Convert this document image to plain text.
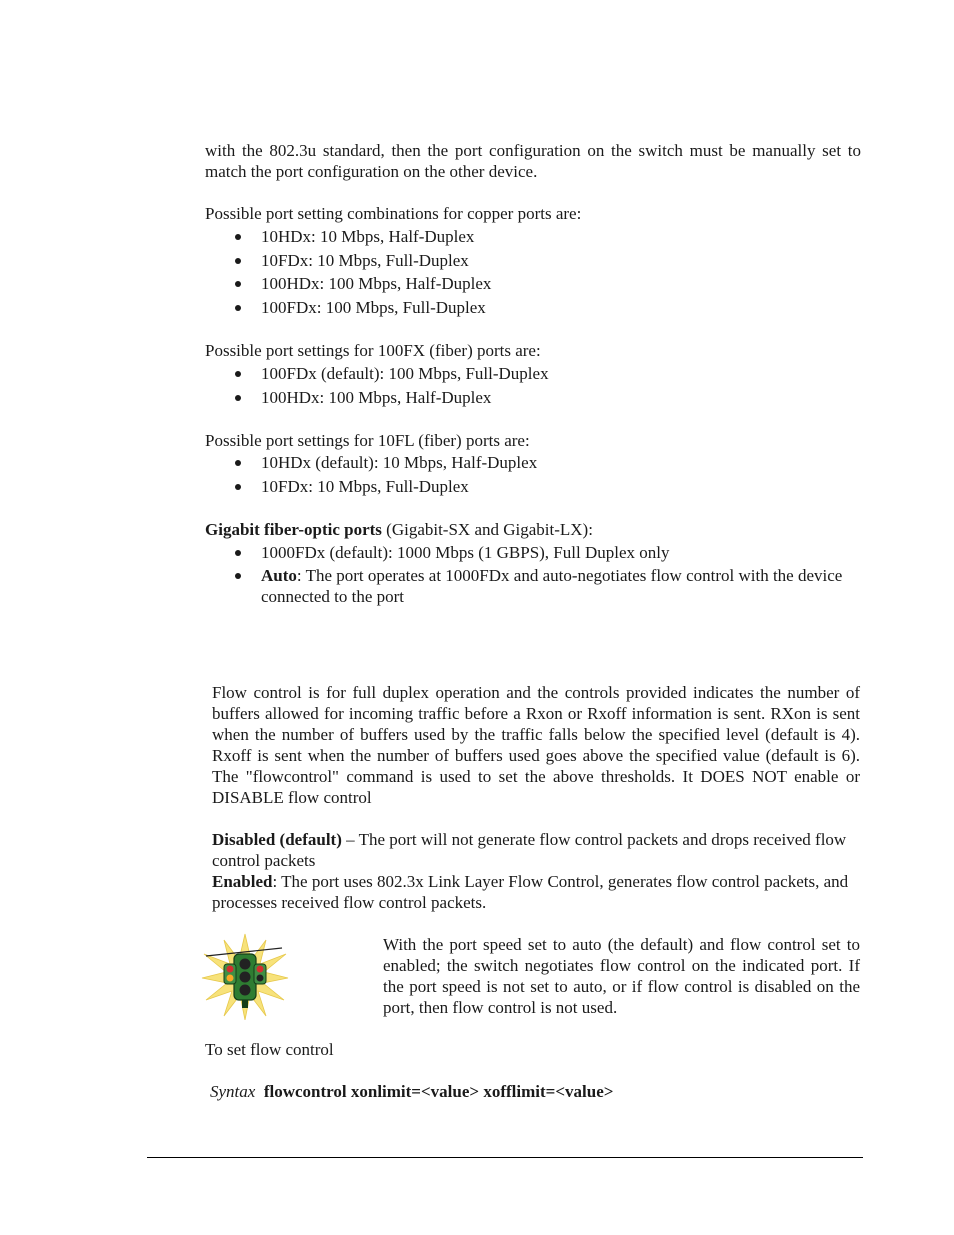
with the 802.3u standard, then the port configuration on the switch must be manually set to match the port configuration on the other device.

Possible port setting combinations for copper ports are:

10HDx: 10 Mbps, Half-Duplex
10FDx: 10 Mbps, Full-Duplex
100HDx: 100 Mbps, Half-Duplex
100FDx: 100 Mbps, Full-Duplex

Possible port settings for 100FX (fiber) ports are:

100FDx (default): 100 Mbps, Full-Duplex
100HDx: 100 Mbps, Half-Duplex

Possible port settings for 10FL (fiber) ports are:

10HDx (default): 10 Mbps, Half-Duplex
10FDx: 10 Mbps, Full-Duplex

Gigabit fiber-optic ports (Gigabit-SX and Gigabit-LX):

1000FDx (default): 1000 Mbps (1 GBPS), Full Duplex only
Auto: The port operates at 1000FDx and auto-negotiates flow control with the device connected to the port

Flow control is for full duplex operation and the controls provided indicates the number of buffers allowed for incoming traffic before a Rxon or Rxoff information is sent. RXon is sent when the number of buffers used by the traffic falls below the specified level (default is 4). Rxoff is sent when the number of buffers used goes above the specified value (default is 6). The "flowcontrol" command is used to set the above thresholds. It DOES NOT enable or DISABLE flow control

Disabled (default) – The port will not generate flow control packets and drops received flow control packets

Enabled: The port uses 802.3x Link Layer Flow Control, generates flow control packets, and processes received flow control packets.

With the port speed set to auto (the default) and flow control set to enabled; the switch negotiates flow control on the indicated port. If the port speed is not set to auto, or if flow control is disabled on the port, then flow control is not used.

To set flow control

Syntax flowcontrol xonlimit=<value> xofflimit=<value>
